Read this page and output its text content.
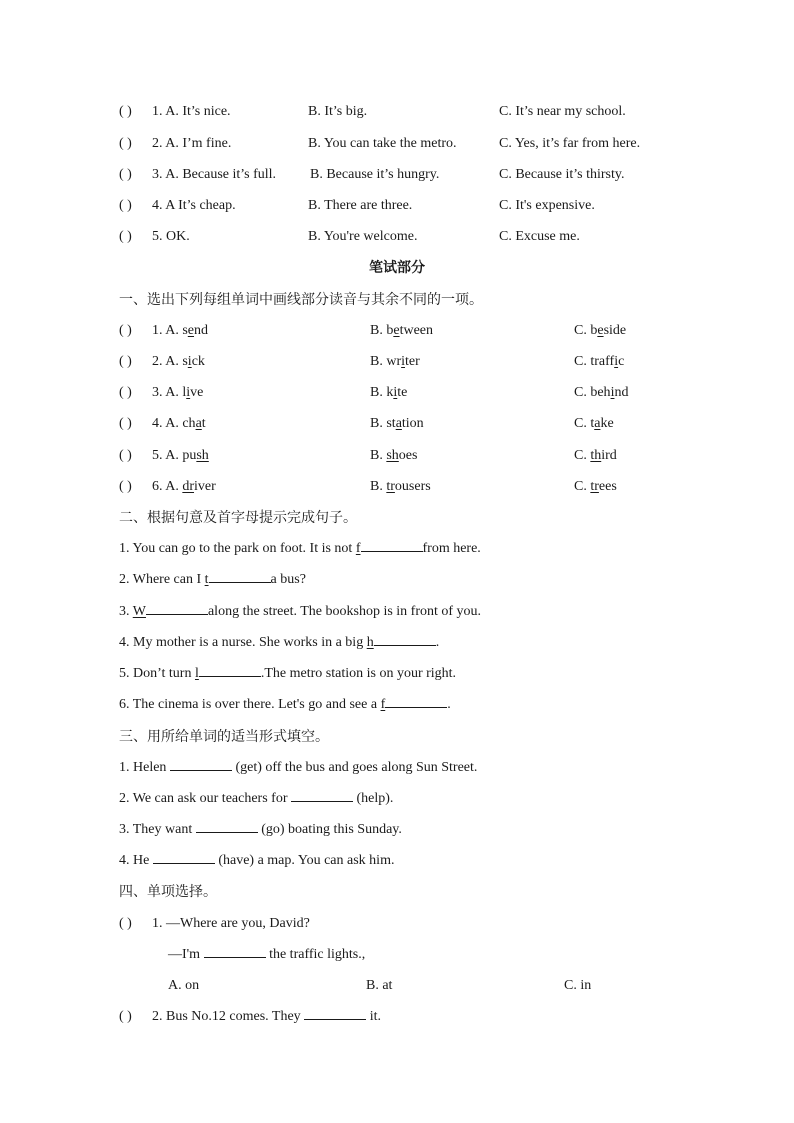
( ) 1. A. It’s nice.	B. It’s big.	C. It’s near my school.
( ) 2. A. I’m fine.	B. You can take the metro.	C. Yes, it’s far from here.
( ) 3. A. Because it’s full. B. Because it’s hungry.	C. Because it’s thirsty.
( ) 4. A It’s cheap.	B. There are three.	C. It's expensive.
( ) 5. OK.	B. You're welcome.	C. Excuse me.
笔试部分
一、选出下列每组单词中画线部分读音与其余不同的一项。
( ) 1. A. send	B. between	C. beside
( ) 2. A. sick	B. writer	C. traffic
( ) 3. A. live	B. kite	C. behind
( ) 4. A. chat	B. station	C. take
( ) 5. A. push	B. shoes	C. third
( ) 6. A. driver	B. trousers	C. trees
二、根据句意及首字母提示完成句子。
1. You can go to the park on foot. It is not f	from here.
2. Where can I t	a bus?
3. W	along the street. The bookshop is in front of you.
4. My mother is a nurse. She works in a big h	.
5. Don’t turn l	.The metro station is on your right.
6. The cinema is over there. Let's go and see a f	.
三、用所给单词的适当形式填空。
1. Helen	(get) off the bus and goes along Sun Street.
2. We can ask our teachers for	(help).
3. They want	(go) boating this Sunday.
4. He	(have) a map. You can ask him.
四、单项选择。
( ) 1. —Where are you, David?
—I'm	the traffic lights.,
A. on	B. at	C. in
( ) 2. Bus No.12 comes. They	it.
